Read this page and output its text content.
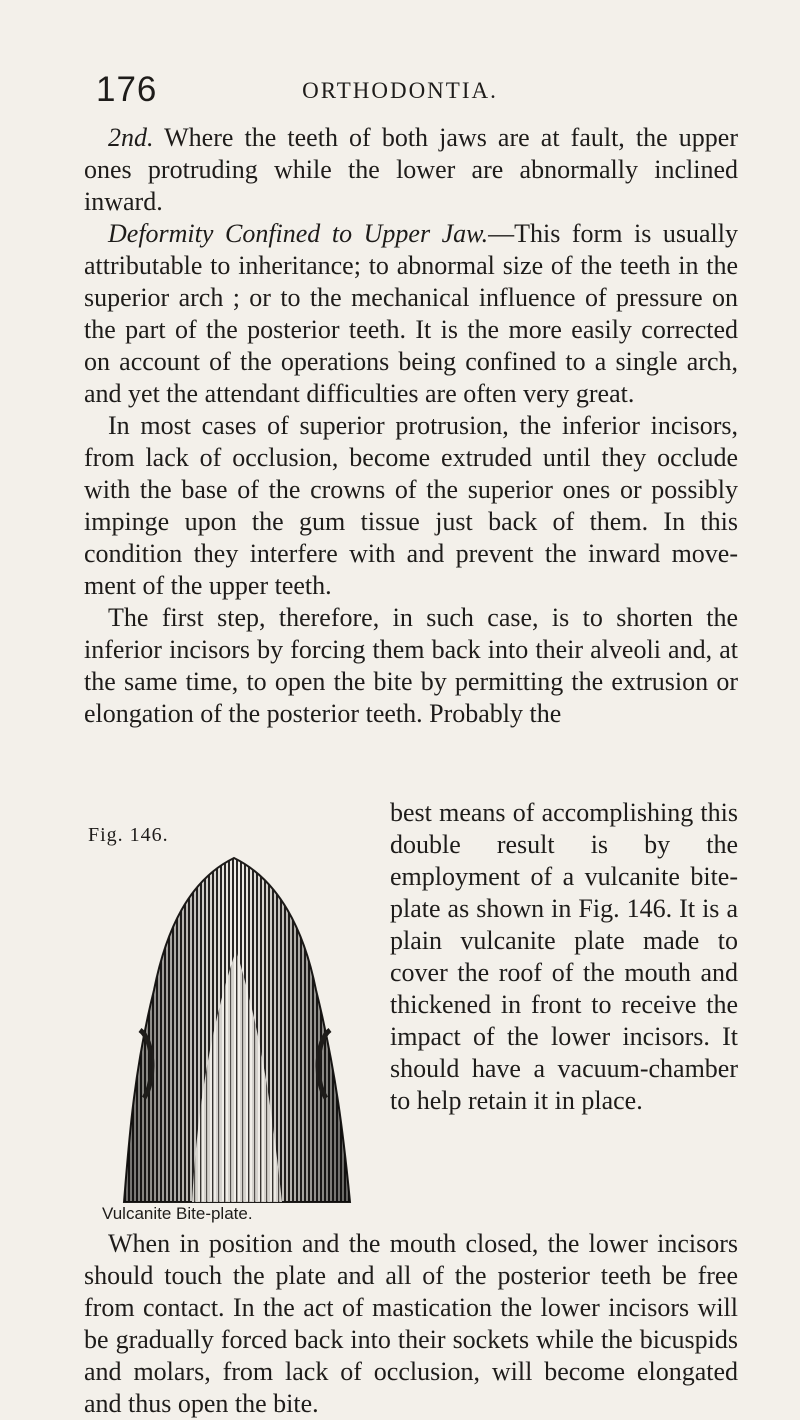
176	ORTHODONTIA.

2nd. Where the teeth of both jaws are at fault, the upper ones protruding while the lower are abnormally inclined inward.

Deformity Confined to Upper Jaw.—This form is usually attributable to inheritance; to abnormal size of the teeth in the superior arch ; or to the mechanical influence of pressure on the part of the posterior teeth. It is the more easily corrected on account of the operations being confined to a single arch, and yet the attendant difficulties are often very great.

In most cases of superior protrusion, the inferior incisors, from lack of occlusion, become extruded until they occlude with the base of the crowns of the superior ones or possibly impinge upon the gum tissue just back of them. In this condition they interfere with and prevent the inward movement of the upper teeth.

The first step, therefore, in such case, is to shorten the inferior incisors by forcing them back into their alveoli and, at the same time, to open the bite by permitting the extrusion or elongation of the posterior teeth. Probably the

Fig. 146.

best means of accomplishing this double result is by the employment of a vulcanite bite-plate as shown in Fig. 146. It is a plain vulcanite plate made to cover the roof of the mouth and thickened in front to receive the impact of the lower incisors. It should have a vacuum-chamber to help retain it in place.

Vulcanite Bite-plate.

When in position and the mouth closed, the lower incisors should touch the plate and all of the posterior teeth be free from contact. In the act of mastication the lower incisors will be gradually forced back into their sockets while the bicuspids and molars, from lack of occlusion, will become elongated and thus open the bite.
